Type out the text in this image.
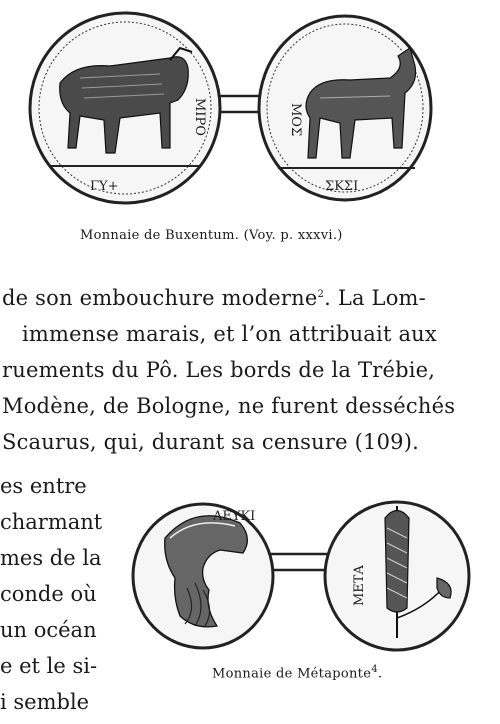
ΓΥ+
ΜΙΡΟ
ΣΚΣΙ
ΜΟΣ
Monnaie de Buxentum. (Voy. p. xxxvi.)
de son embouchure moderne$^2$. La Lom-
immense marais, et l’on attribuait aux
ruements du Pô. Les bords de la Trébie,
Modène, de Bologne, ne furent desséchés
Scaurus, qui, durant sa censure (109).
es entre
charmant
mes de la
conde où
un océan
e et le si-
i semble
ΛΕΥΚΙ
ΜΕΤΑ
Monnaie de Métaponte$^4$.
